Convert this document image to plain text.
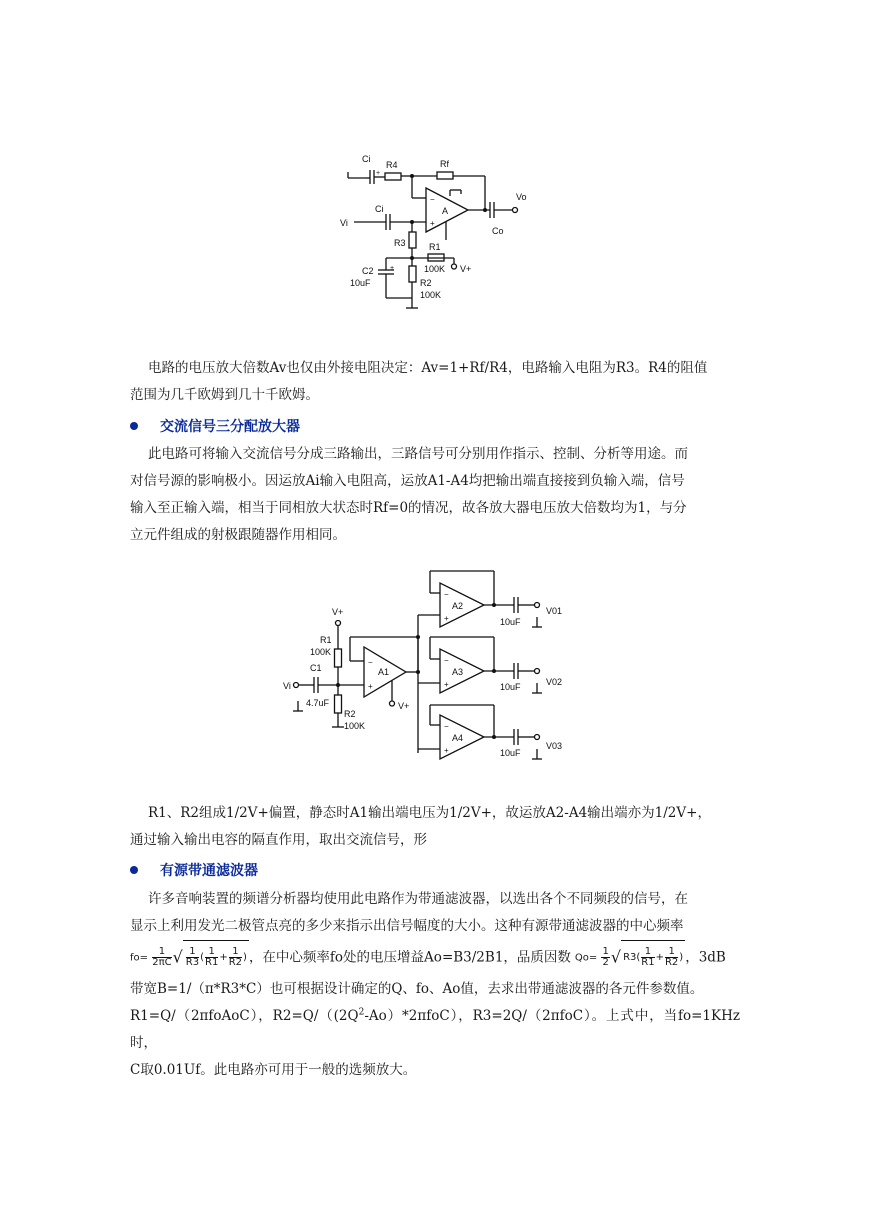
Ci
R4	Rf
Vo
Co
A
−
+
Vi
Ci
R3	R1
100K V+
C2
10uF	R2
100K
+
+

电路的电压放大倍数Av也仅由外接电阻决定：Av=1+Rf/R4，电路输入电阻为R3。R4的阻值
范围为几千欧姆到几十千欧姆。

交流信号三分配放大器

此电路可将输入交流信号分成三路输出，三路信号可分别用作指示、控制、分析等用途。而
对信号源的影响极小。因运放Ai输入电阻高，运放A1-A4均把输出端直接接到负输入端，信号
输入至正输入端，相当于同相放大状态时Rf=0的情况，故各放大器电压放大倍数均为1，与分
立元件组成的射极跟随器作用相同。

V+
R1
100K
C1
4.7uF
Vi
R2
100K
A1
V+
A2
A3
A4
10uF
10uF
10uF
V01
V02
V03
−
+
−
+
−
+
−
+

R1、R2组成1/2V+偏置，静态时A1输出端电压为1/2V+，故运放A2-A4输出端亦为1/2V+，
通过输入输出电容的隔直作用，取出交流信号，形

有源带通滤波器
许多音响装置的频谱分析器均使用此电路作为带通滤波器，以选出各个不同频段的信号，在
显示上利用发光二极管点亮的多少来指示出信号幅度的大小。这种有源带通滤波器的中心频率
$fo= \frac{1}{2\pi C}$ √ $\frac{1}{R3}$ ( $\frac{1}{R1} + \frac{1}{R2}$ ) ，在中心频率fo处的电压增益Ao=B3/2B1，品质因数 $Qo= \frac{1}{2}$ √ $R3( \frac{1}{R1} + \frac{1}{R2}$ ) ，3dB
带宽B=1/（π*R3*C）也可根据设计确定的Q、fo、Ao值，去求出带通滤波器的各元件参数值。
R1=Q/（2πfoAoC），$R2=Q/((2Q^2-Ao)*2\pi foC)$，R3=2Q/（2πfoC）。上式中，当fo=1KHz时，
C取0.01Uf。此电路亦可用于一般的选频放大。
